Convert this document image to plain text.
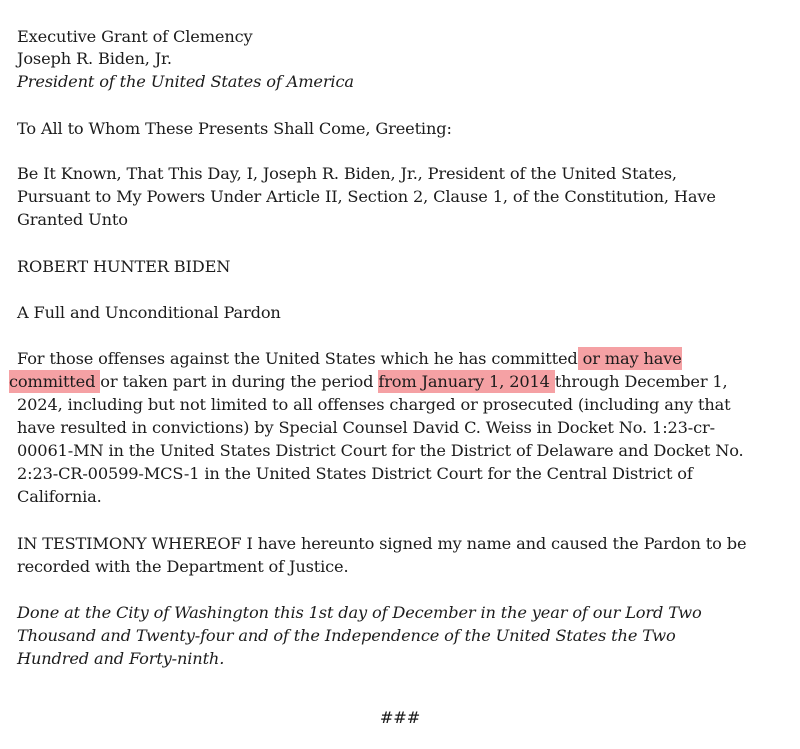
Executive Grant of Clemency
Joseph R. Biden, Jr.
President of the United States of America
To All to Whom These Presents Shall Come, Greeting:
Be It Known, That This Day, I, Joseph R. Biden, Jr., President of the United States,
Pursuant to My Powers Under Article II, Section 2, Clause 1, of the Constitution, Have
Granted Unto
ROBERT HUNTER BIDEN
A Full and Unconditional Pardon
For those offenses against the United States which he has committed or may have
committed or taken part in during the period from January 1, 2014 through December 1,
2024, including but not limited to all offenses charged or prosecuted (including any that
have resulted in convictions) by Special Counsel David C. Weiss in Docket No. 1:23-cr-
00061-MN in the United States District Court for the District of Delaware and Docket No.
2:23-CR-00599-MCS-1 in the United States District Court for the Central District of
California.
IN TESTIMONY WHEREOF I have hereunto signed my name and caused the Pardon to be
recorded with the Department of Justice.
Done at the City of Washington this 1st day of December in the year of our Lord Two
Thousand and Twenty-four and of the Independence of the United States the Two
Hundred and Forty-ninth.
###
